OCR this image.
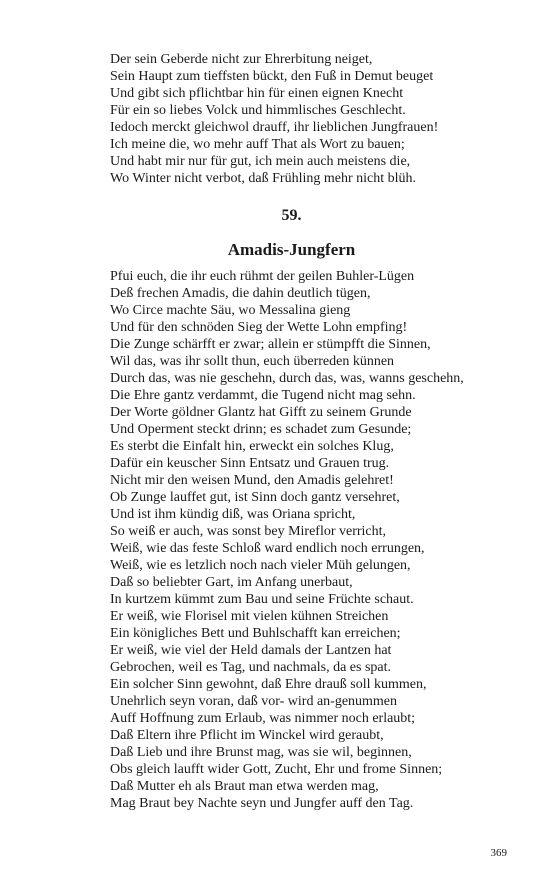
Der sein Geberde nicht zur Ehrerbitung neiget,
Sein Haupt zum tieffsten bückt, den Fuß in Demut beuget
Und gibt sich pflichtbar hin für einen eignen Knecht
Für ein so liebes Volck und himmlisches Geschlecht.
Iedoch merckt gleichwol drauff, ihr lieblichen Jungfrauen!
Ich meine die, wo mehr auff That als Wort zu bauen;
Und habt mir nur für gut, ich mein auch meistens die,
Wo Winter nicht verbot, daß Frühling mehr nicht blüh.
59.
Amadis-Jungfern
Pfui euch, die ihr euch rühmt der geilen Buhler-Lügen
Deß frechen Amadis, die dahin deutlich tügen,
Wo Circe machte Säu, wo Messalina gieng
Und für den schnöden Sieg der Wette Lohn empfing!
Die Zunge schärfft er zwar; allein er stümpfft die Sinnen,
Wil das, was ihr sollt thun, euch überreden künnen
Durch das, was nie geschehn, durch das, was, wanns geschehn,
Die Ehre gantz verdammt, die Tugend nicht mag sehn.
Der Worte göldner Glantz hat Gifft zu seinem Grunde
Und Operment steckt drinn; es schadet zum Gesunde;
Es sterbt die Einfalt hin, erweckt ein solches Klug,
Dafür ein keuscher Sinn Entsatz und Grauen trug.
Nicht mir den weisen Mund, den Amadis gelehret!
Ob Zunge lauffet gut, ist Sinn doch gantz versehret,
Und ist ihm kündig diß, was Oriana spricht,
So weiß er auch, was sonst bey Mireflor verricht,
Weiß, wie das feste Schloß ward endlich noch errungen,
Weiß, wie es letzlich noch nach vieler Müh gelungen,
Daß so beliebter Gart, im Anfang unerbaut,
In kurtzem kümmt zum Bau und seine Früchte schaut.
Er weiß, wie Florisel mit vielen kühnen Streichen
Ein königliches Bett und Buhlschafft kan erreichen;
Er weiß, wie viel der Held damals der Lantzen hat
Gebrochen, weil es Tag, und nachmals, da es spat.
Ein solcher Sinn gewohnt, daß Ehre drauß soll kummen,
Unehrlich seyn voran, daß vor- wird an-genummen
Auff Hoffnung zum Erlaub, was nimmer noch erlaubt;
Daß Eltern ihre Pflicht im Winckel wird geraubt,
Daß Lieb und ihre Brunst mag, was sie wil, beginnen,
Obs gleich laufft wider Gott, Zucht, Ehr und frome Sinnen;
Daß Mutter eh als Braut man etwa werden mag,
Mag Braut bey Nachte seyn und Jungfer auff den Tag.
369
